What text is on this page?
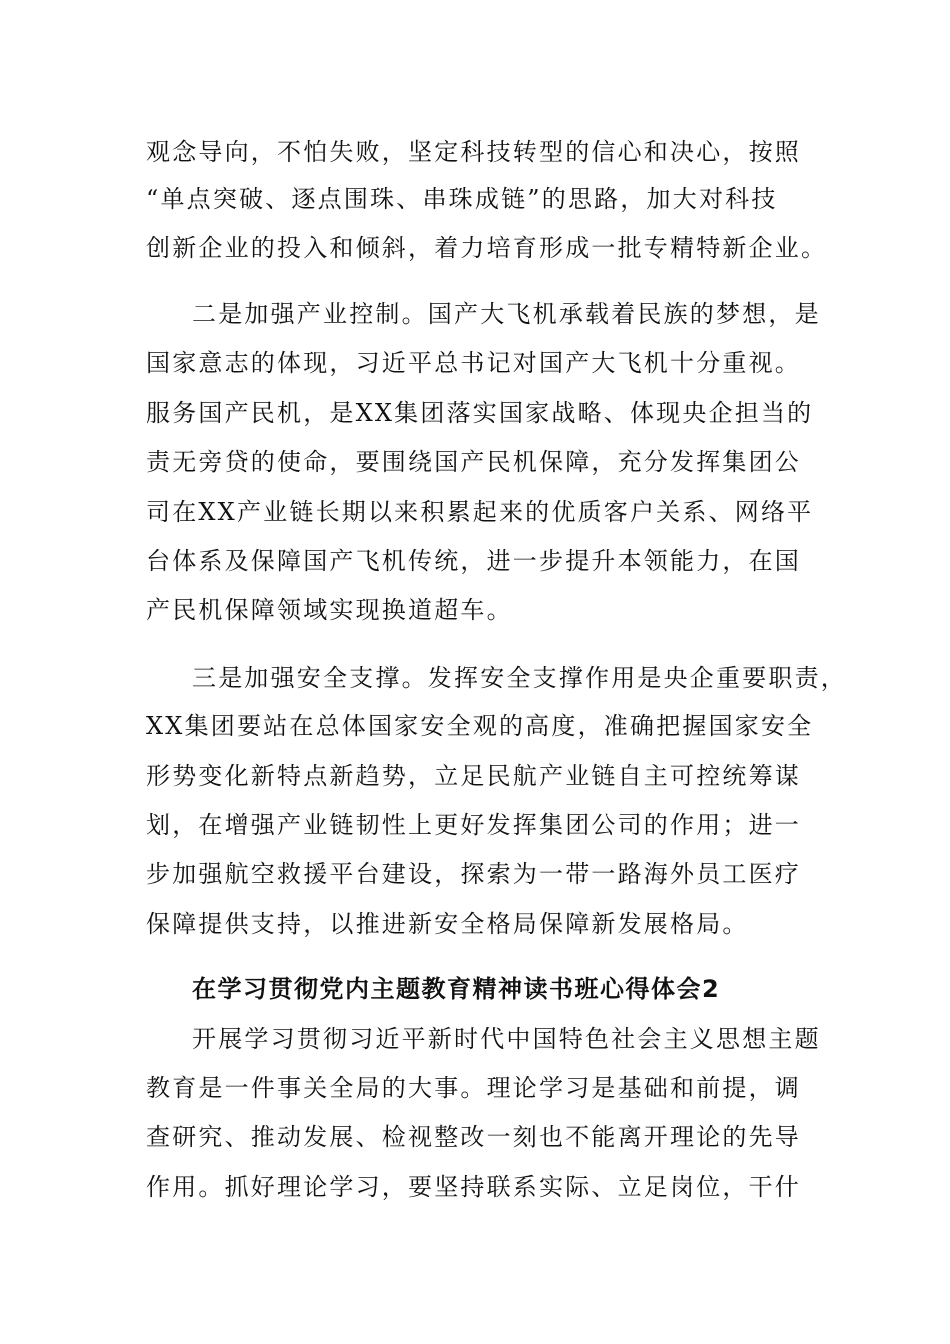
观念导向，不怕失败，坚定科技转型的信心和决心，按照

“单点突破、逐点围珠、串珠成链”的思路，加大对科技

创新企业的投入和倾斜，着力培育形成一批专精特新企业。

二是加强产业控制。国产大飞机承载着民族的梦想，是

国家意志的体现，习近平总书记对国产大飞机十分重视。

服务国产民机，是XX集团落实国家战略、体现央企担当的

责无旁贷的使命，要围绕国产民机保障，充分发挥集团公

司在XX产业链长期以来积累起来的优质客户关系、网络平

台体系及保障国产飞机传统，进一步提升本领能力，在国

产民机保障领域实现换道超车。

三是加强安全支撑。发挥安全支撑作用是央企重要职责，

XX集团要站在总体国家安全观的高度，准确把握国家安全

形势变化新特点新趋势，立足民航产业链自主可控统筹谋

划，在增强产业链韧性上更好发挥集团公司的作用；进一

步加强航空救援平台建设，探索为一带一路海外员工医疗

保障提供支持，以推进新安全格局保障新发展格局。

在学习贯彻党内主题教育精神读书班心得体会2

开展学习贯彻习近平新时代中国特色社会主义思想主题

教育是一件事关全局的大事。理论学习是基础和前提，调

查研究、推动发展、检视整改一刻也不能离开理论的先导

作用。抓好理论学习，要坚持联系实际、立足岗位，干什
